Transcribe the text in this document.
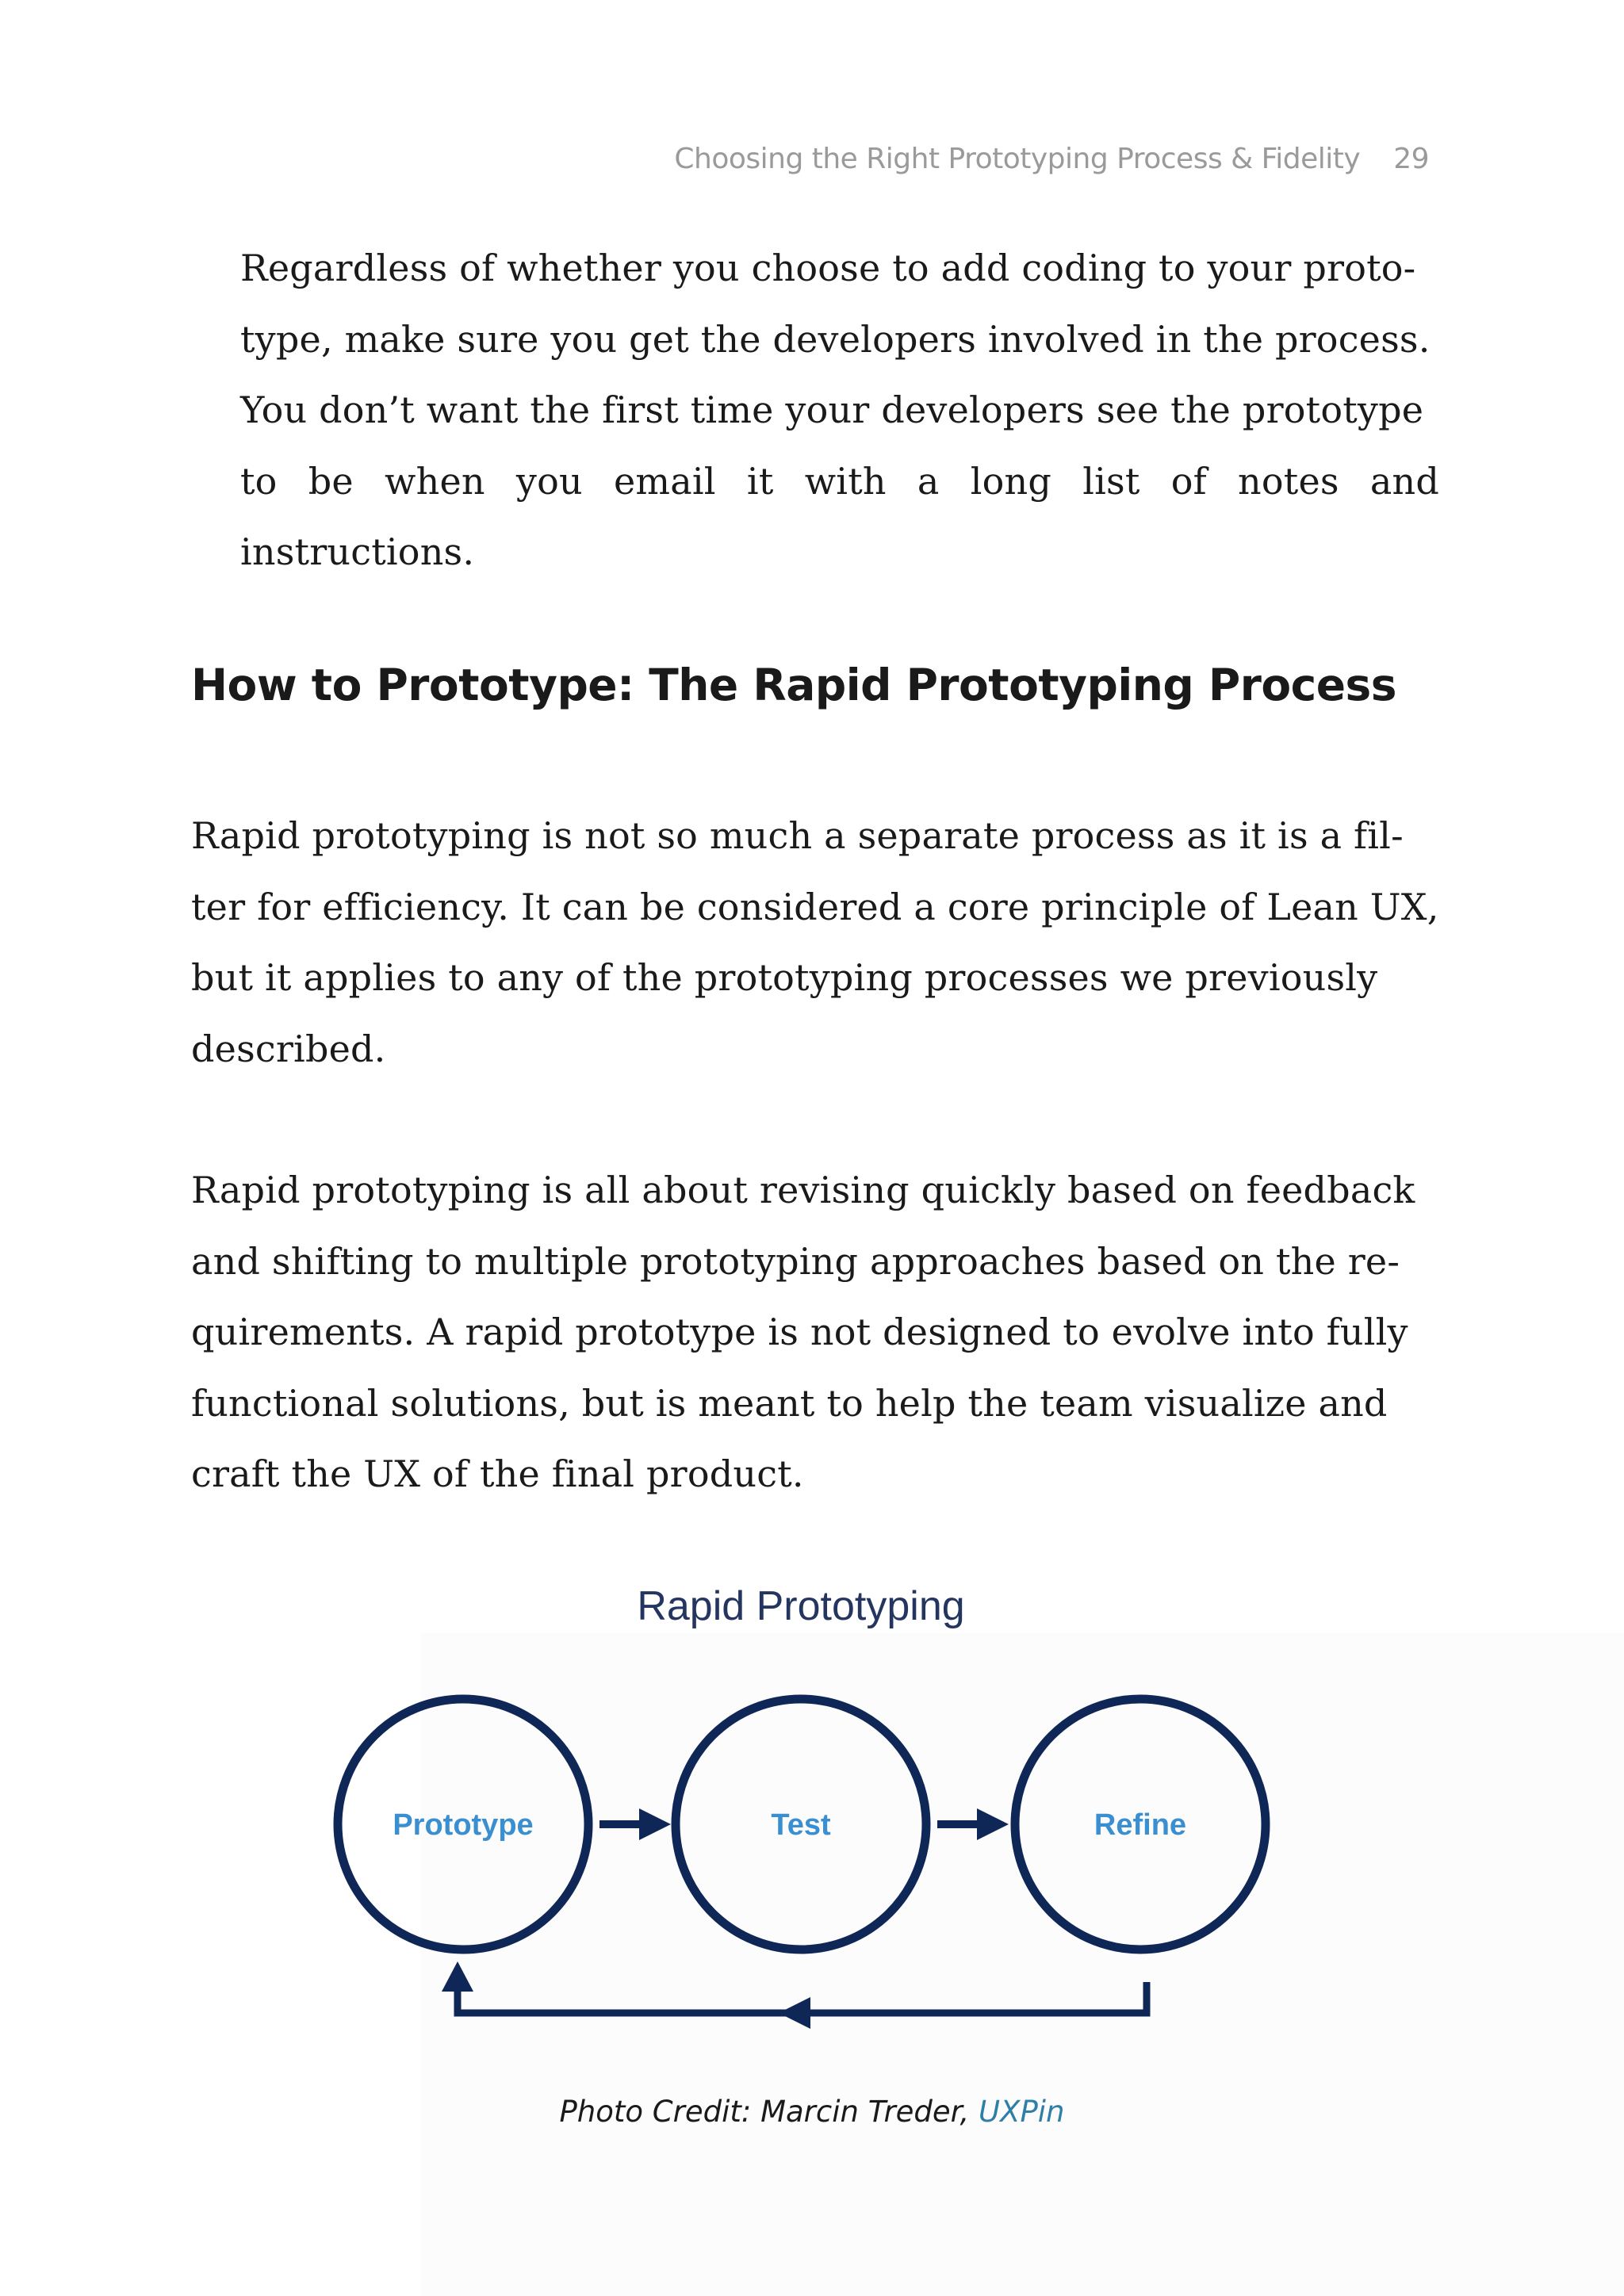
Choosing the Right Prototyping Process & Fidelity 29
Regardless of whether you choose to add coding to your proto-
type, make sure you get the developers involved in the process.
You don’t want the first time your developers see the prototype
to be when you email it with a long list of notes and instructions.
How to Prototype: The Rapid Prototyping Process
Rapid prototyping is not so much a separate process as it is a fil-
ter for efficiency. It can be considered a core principle of Lean UX,
but it applies to any of the prototyping processes we previously
described.
Rapid prototyping is all about revising quickly based on feedback
and shifting to multiple prototyping approaches based on the re-
quirements. A rapid prototype is not designed to evolve into fully
functional solutions, but is meant to help the team visualize and
craft the UX of the final product.
Rapid Prototyping
Prototype	Test	Refine
Photo Credit: Marcin Treder, UXPin
